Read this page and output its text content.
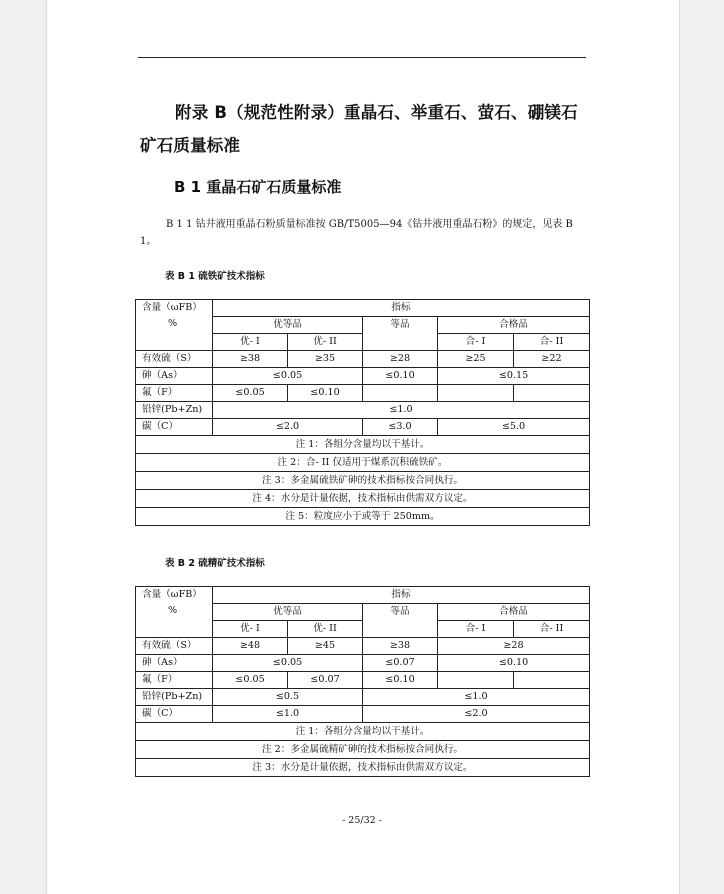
附录 B（规范性附录）重晶石、举重石、萤石、硼镁石
矿石质量标准
B 1 重晶石矿石质量标准
B 1 1 钻井液用重晶石粉质量标准按 GB/T5005—94《钻井液用重晶石粉》的规定，见表 B 1。
表 B 1 硫铁矿技术指标
含量（ωFB）
%	指标				
	优等品		等品	合格品	
	优- I	优- II		合- I	合- II
有效硫（S）	≥38	≥35	≥28	≥25	≥22
砷（As）	≤0.05		≤0.10	≤0.15	
氟（F）	≤0.05	≤0.10			
铅锌(Pb+Zn)	≤1.0				
碳（C）	≤2.0		≤3.0	≤5.0	
注 1：各组分含量均以干基计。					
注 2：合- II 仅适用于煤系沉积硫铁矿。					
注 3：多金属硫铁矿砷的技术指标按合同执行。					
注 4：水分是计量依据，技术指标由供需双方议定。					
注 5：粒度应小于或等于 250mm。					
表 B 2 硫精矿技术指标
含量（ωFB）
%	指标				
	优等品		等品	合格品	
	优- I	优- II		合- I	合- II
有效硫（S）	≥48	≥45	≥38	≥28	
砷（As）	≤0.05		≤0.07	≤0.10	
氟（F）	≤0.05	≤0.07	≤0.10		
铅锌(Pb+Zn)	≤0.5		≤1.0		
碳（C）	≤1.0		≤2.0		
注 1：各组分含量均以干基计。					
注 2：多金属硫精矿砷的技术指标按合同执行。					
注 3：水分是计量依据，技术指标由供需双方议定。					
- 25/32 -
